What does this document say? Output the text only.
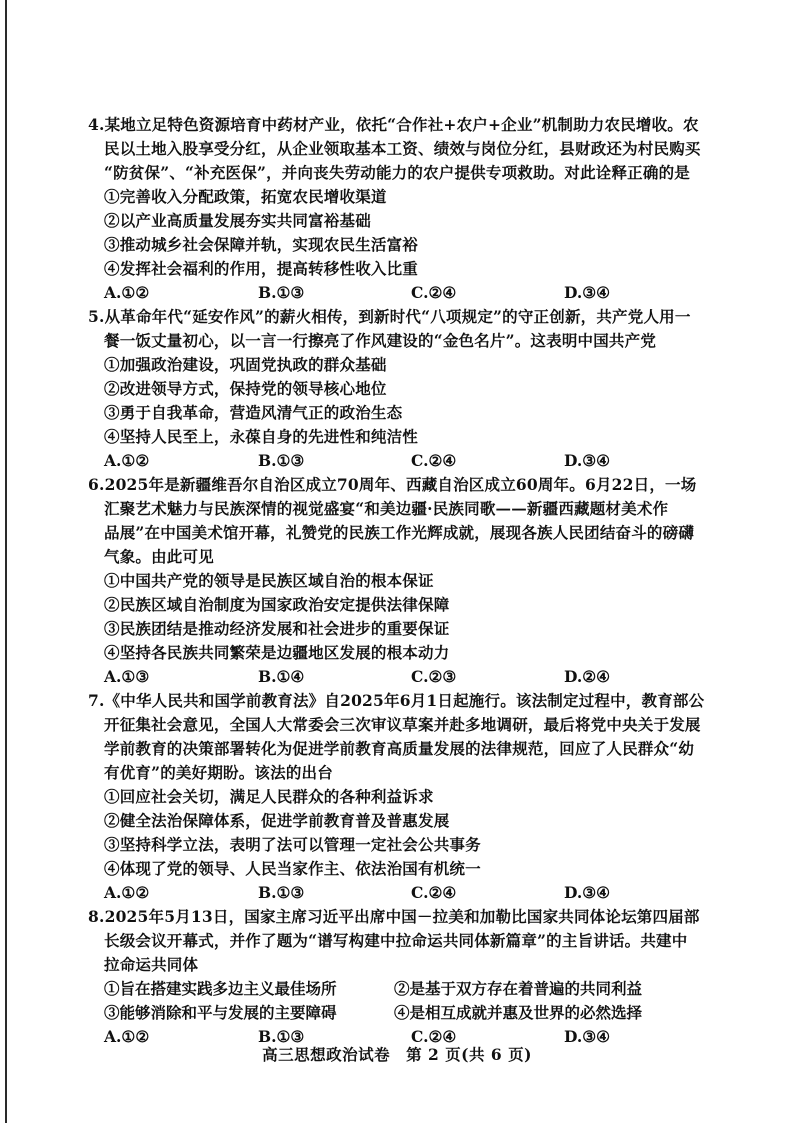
4.某地立足特色资源培育中药材产业，依托“合作社+农户+企业”机制助力农民增收。农
民以土地入股享受分红，从企业领取基本工资、绩效与岗位分红，县财政还为村民购买
“防贫保”、“补充医保”，并向丧失劳动能力的农户提供专项救助。对此诠释正确的是
①完善收入分配政策，拓宽农民增收渠道
②以产业高质量发展夯实共同富裕基础
③推动城乡社会保障并轨，实现农民生活富裕
④发挥社会福利的作用，提高转移性收入比重
A.①②	B.①③	C.②④	D.③④
5.从革命年代“延安作风”的薪火相传，到新时代“八项规定”的守正创新，共产党人用一
餐一饭丈量初心，以一言一行擦亮了作风建设的“金色名片”。这表明中国共产党
①加强政治建设，巩固党执政的群众基础
②改进领导方式，保持党的领导核心地位
③勇于自我革命，营造风清气正的政治生态
④坚持人民至上，永葆自身的先进性和纯洁性
A.①②	B.①③	C.②④	D.③④
6.2025年是新疆维吾尔自治区成立70周年、西藏自治区成立60周年。6月22日，一场
汇聚艺术魅力与民族深情的视觉盛宴“和美边疆·民族同歌——新疆西藏题材美术作
品展”在中国美术馆开幕，礼赞党的民族工作光辉成就，展现各族人民团结奋斗的磅礴
气象。由此可见
①中国共产党的领导是民族区域自治的根本保证
②民族区域自治制度为国家政治安定提供法律保障
③民族团结是推动经济发展和社会进步的重要保证
④坚持各民族共同繁荣是边疆地区发展的根本动力
A.①③	B.①④	C.②③	D.②④
7.《中华人民共和国学前教育法》自2025年6月1日起施行。该法制定过程中，教育部公
开征集社会意见，全国人大常委会三次审议草案并赴多地调研，最后将党中央关于发展
学前教育的决策部署转化为促进学前教育高质量发展的法律规范，回应了人民群众“幼
有优育”的美好期盼。该法的出台
①回应社会关切，满足人民群众的各种利益诉求
②健全法治保障体系，促进学前教育普及普惠发展
③坚持科学立法，表明了法可以管理一定社会公共事务
④体现了党的领导、人民当家作主、依法治国有机统一
A.①②	B.①③	C.②④	D.③④
8.2025年5月13日，国家主席习近平出席中国－拉美和加勒比国家共同体论坛第四届部
长级会议开幕式，并作了题为“谱写构建中拉命运共同体新篇章”的主旨讲话。共建中
拉命运共同体
①旨在搭建实践多边主义最佳场所	②是基于双方存在着普遍的共同利益
③能够消除和平与发展的主要障碍	④是相互成就并惠及世界的必然选择
A.①②	B.①③	C.②④	D.③④
高三思想政治试卷　第 2 页(共 6 页)
